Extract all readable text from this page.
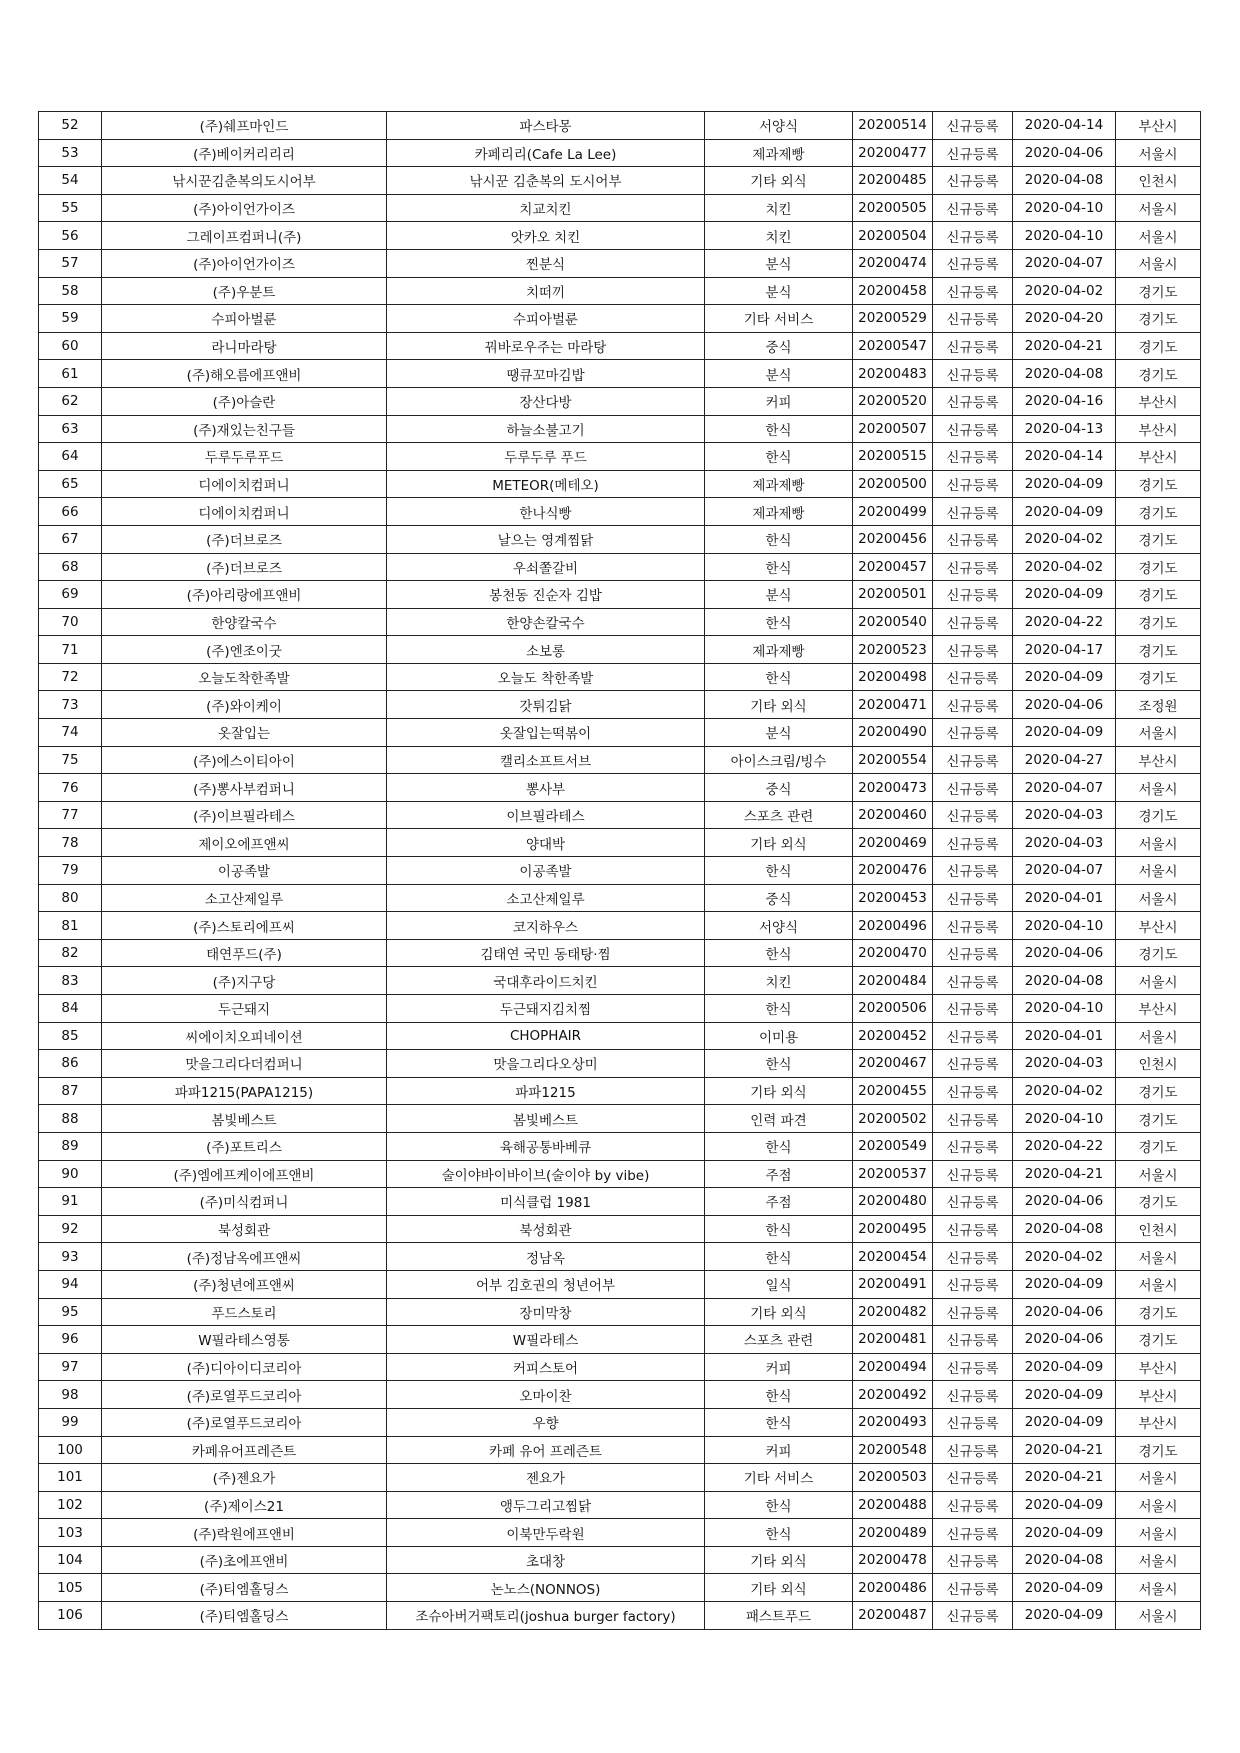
52	(주)쉐프마인드	파스타몽	서양식	20200514	신규등록	2020-04-14	부산시
53	(주)베이커리리리	카페리리(Cafe La Lee)	제과제빵	20200477	신규등록	2020-04-06	서울시
54	낚시꾼김춘복의도시어부	낚시꾼 김춘복의 도시어부	기타 외식	20200485	신규등록	2020-04-08	인천시
55	(주)아이언가이즈	치교치킨	치킨	20200505	신규등록	2020-04-10	서울시
56	그레이프컴퍼니(주)	앗카오 치킨	치킨	20200504	신규등록	2020-04-10	서울시
57	(주)아이언가이즈	찐분식	분식	20200474	신규등록	2020-04-07	서울시
58	(주)우분트	치떠끼	분식	20200458	신규등록	2020-04-02	경기도
59	수피아벌룬	수피아벌룬	기타 서비스	20200529	신규등록	2020-04-20	경기도
60	라니마라탕	꿔바로우주는 마라탕	중식	20200547	신규등록	2020-04-21	경기도
61	(주)해오름에프앤비	땡큐꼬마김밥	분식	20200483	신규등록	2020-04-08	경기도
62	(주)아슬란	장산다방	커피	20200520	신규등록	2020-04-16	부산시
63	(주)재있는친구들	하늘소불고기	한식	20200507	신규등록	2020-04-13	부산시
64	두루두루푸드	두루두루 푸드	한식	20200515	신규등록	2020-04-14	부산시
65	디에이치컴퍼니	METEOR(메테오)	제과제빵	20200500	신규등록	2020-04-09	경기도
66	디에이치컴퍼니	한나식빵	제과제빵	20200499	신규등록	2020-04-09	경기도
67	(주)더브로즈	날으는 영계찜닭	한식	20200456	신규등록	2020-04-02	경기도
68	(주)더브로즈	우쇠쫄갈비	한식	20200457	신규등록	2020-04-02	경기도
69	(주)아리랑에프앤비	봉천동 진순자 김밥	분식	20200501	신규등록	2020-04-09	경기도
70	한양칼국수	한양손칼국수	한식	20200540	신규등록	2020-04-22	경기도
71	(주)엔조이굿	소보롱	제과제빵	20200523	신규등록	2020-04-17	경기도
72	오늘도착한족발	오늘도 착한족발	한식	20200498	신규등록	2020-04-09	경기도
73	(주)와이케이	갓튀김닭	기타 외식	20200471	신규등록	2020-04-06	조정원
74	옷잘입는	옷잘입는떡볶이	분식	20200490	신규등록	2020-04-09	서울시
75	(주)에스이티아이	캘리소프트서브	아이스크림/빙수	20200554	신규등록	2020-04-27	부산시
76	(주)뽕사부컴퍼니	뽕사부	중식	20200473	신규등록	2020-04-07	서울시
77	(주)이브필라테스	이브필라테스	스포츠 관련	20200460	신규등록	2020-04-03	경기도
78	제이오에프앤씨	양대박	기타 외식	20200469	신규등록	2020-04-03	서울시
79	이공족발	이공족발	한식	20200476	신규등록	2020-04-07	서울시
80	소고산제일루	소고산제일루	중식	20200453	신규등록	2020-04-01	서울시
81	(주)스토리에프씨	코지하우스	서양식	20200496	신규등록	2020-04-10	부산시
82	태연푸드(주)	김태연 국민 동태탕·찜	한식	20200470	신규등록	2020-04-06	경기도
83	(주)지구당	국대후라이드치킨	치킨	20200484	신규등록	2020-04-08	서울시
84	두근돼지	두근돼지김치찜	한식	20200506	신규등록	2020-04-10	부산시
85	씨에이치오피네이션	CHOPHAIR	이미용	20200452	신규등록	2020-04-01	서울시
86	맛을그리다더컴퍼니	맛을그리다오상미	한식	20200467	신규등록	2020-04-03	인천시
87	파파1215(PAPA1215)	파파1215	기타 외식	20200455	신규등록	2020-04-02	경기도
88	봄빛베스트	봄빛베스트	인력 파견	20200502	신규등록	2020-04-10	경기도
89	(주)포트리스	육해공통바베큐	한식	20200549	신규등록	2020-04-22	경기도
90	(주)엠에프케이에프앤비	술이야바이바이브(술이야 by vibe)	주점	20200537	신규등록	2020-04-21	서울시
91	(주)미식컴퍼니	미식클럽 1981	주점	20200480	신규등록	2020-04-06	경기도
92	북성회관	북성회관	한식	20200495	신규등록	2020-04-08	인천시
93	(주)정남옥에프앤씨	정남옥	한식	20200454	신규등록	2020-04-02	서울시
94	(주)청년에프앤씨	어부 김호권의 청년어부	일식	20200491	신규등록	2020-04-09	서울시
95	푸드스토리	장미막창	기타 외식	20200482	신규등록	2020-04-06	경기도
96	W필라테스영통	W필라테스	스포츠 관련	20200481	신규등록	2020-04-06	경기도
97	(주)디아이디코리아	커피스토어	커피	20200494	신규등록	2020-04-09	부산시
98	(주)로열푸드코리아	오마이찬	한식	20200492	신규등록	2020-04-09	부산시
99	(주)로열푸드코리아	우향	한식	20200493	신규등록	2020-04-09	부산시
100	카페유어프레즌트	카페 유어 프레즌트	커피	20200548	신규등록	2020-04-21	경기도
101	(주)젠요가	젠요가	기타 서비스	20200503	신규등록	2020-04-21	서울시
102	(주)제이스21	앵두그리고찜닭	한식	20200488	신규등록	2020-04-09	서울시
103	(주)락원에프앤비	이북만두락원	한식	20200489	신규등록	2020-04-09	서울시
104	(주)초에프앤비	초대창	기타 외식	20200478	신규등록	2020-04-08	서울시
105	(주)티엠홀딩스	논노스(NONNOS)	기타 외식	20200486	신규등록	2020-04-09	서울시
106	(주)티엠홀딩스	조슈아버거팩토리(joshua burger factory)	패스트푸드	20200487	신규등록	2020-04-09	서울시
